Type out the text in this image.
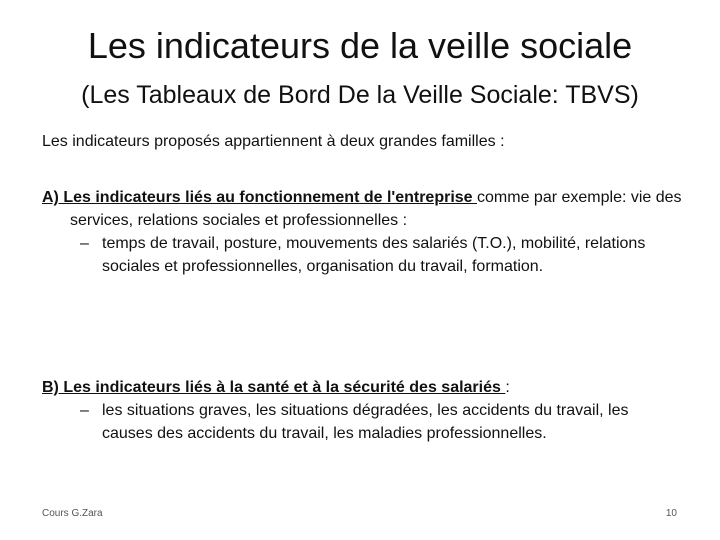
Les indicateurs de la veille sociale
(Les Tableaux de Bord De la Veille Sociale: TBVS)

Les indicateurs proposés appartiennent à deux grandes familles :

A) Les indicateurs liés au fonctionnement de l'entreprise comme par exemple: vie des services, relations sociales et professionnelles :

– temps de travail, posture, mouvements des salariés (T.O.), mobilité, relations sociales et professionnelles, organisation du travail, formation.

B) Les indicateurs liés à la santé et à la sécurité des salariés :

– les situations graves, les situations dégradées, les accidents du travail, les causes des accidents du travail, les maladies professionnelles.
Cours G.Zara	10
